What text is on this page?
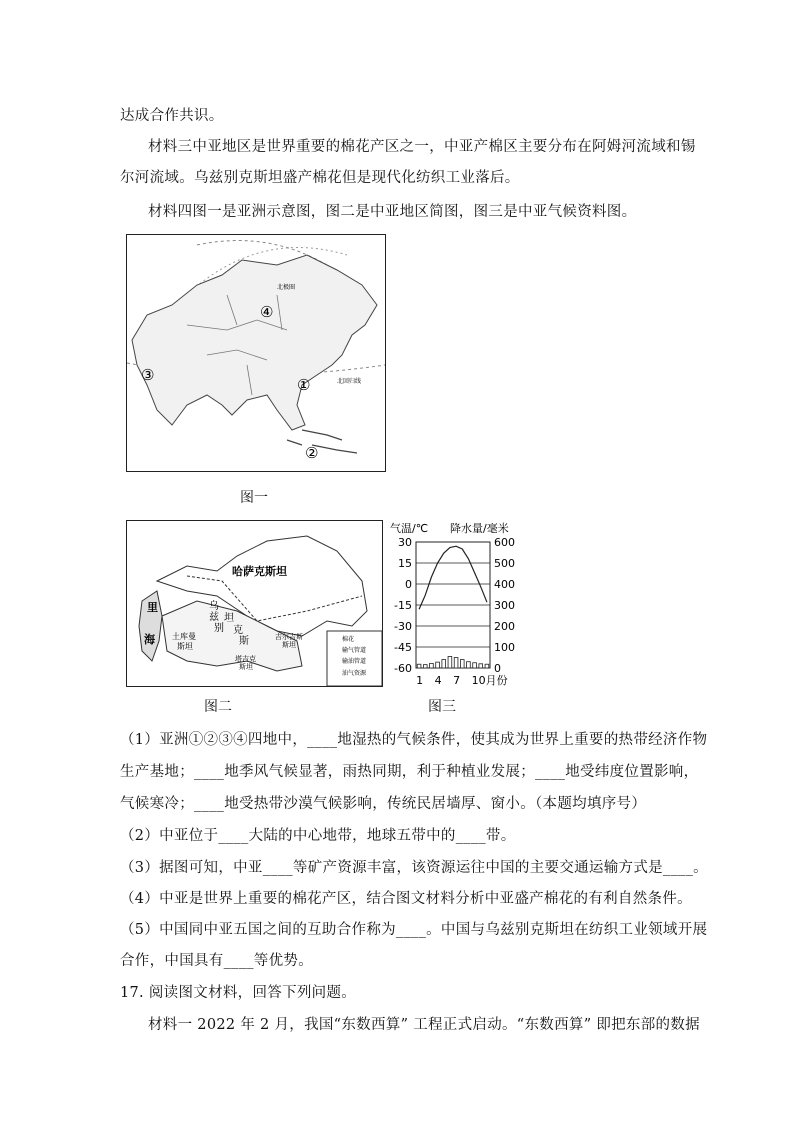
达成合作共识。
材料三中亚地区是世界重要的棉花产区之一，中亚产棉区主要分布在阿姆河流域和锡
尔河流域。乌兹别克斯坦盛产棉花但是现代化纺织工业落后。
材料四图一是亚洲示意图，图二是中亚地区简图，图三是中亚气候资料图。
④
①
③
②
北极圈
北回归线
图一
哈萨克斯坦
里
海 土库曼
斯坦
乌
兹
别 克
斯
坦
吉尔吉斯
斯坦
塔吉克
斯坦
棉花
输气管道
输油管道
油气资源
图二
30	600
15	500
0	400
-15	300
-30	200
-45	100
-60	0
气温/℃ 降水量/毫米
1 4 7 10月份
图三
（1）亚洲①②③④四地中，____地湿热的气候条件，使其成为世界上重要的热带经济作物
生产基地；____地季风气候显著，雨热同期，利于种植业发展；____地受纬度位置影响，
气候寒冷；____地受热带沙漠气候影响，传统民居墙厚、窗小。（本题均填序号）
（2）中亚位于____大陆的中心地带，地球五带中的____带。
（3）据图可知，中亚____等矿产资源丰富，该资源运往中国的主要交通运输方式是____。
（4）中亚是世界上重要的棉花产区，结合图文材料分析中亚盛产棉花的有利自然条件。
（5）中国同中亚五国之间的互助合作称为____。中国与乌兹别克斯坦在纺织工业领域开展
合作，中国具有____等优势。
17. 阅读图文材料，回答下列问题。
材料一 2022 年 2 月，我国“东数西算” 工程正式启动。“东数西算” 即把东部的数据
